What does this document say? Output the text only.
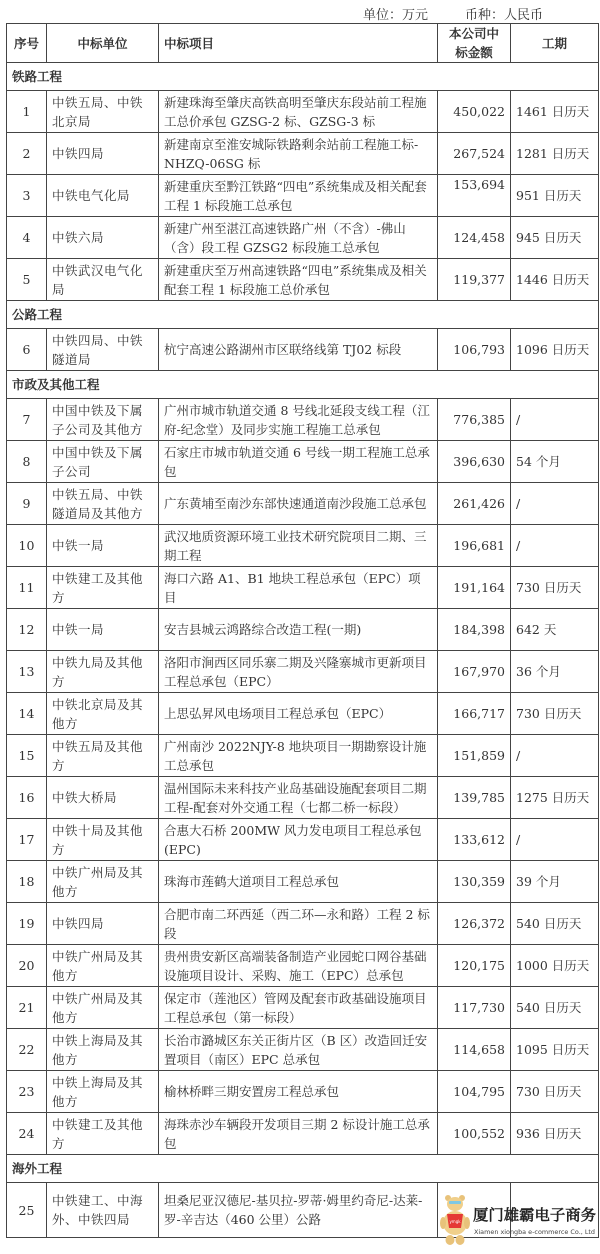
单位：万元	币种：人民币
序号	中标单位	中标项目	本公司中标金额	工期
铁路工程				
1	中铁五局、中铁北京局	新建珠海至肇庆高铁高明至肇庆东段站前工程施工总价承包 GZSG-2 标、GZSG-3 标	450,022	1461 日历天
2	中铁四局	新建南京至淮安城际铁路剩余站前工程施工标-NHZQ-06SG 标	267,524	1281 日历天
3	中铁电气化局	新建重庆至黔江铁路“四电”系统集成及相关配套工程 1 标段施工总承包	153,694	951 日历天
4	中铁六局	新建广州至湛江高速铁路广州（不含）-佛山（含）段工程 GZSG2 标段施工总承包	124,458	945 日历天
5	中铁武汉电气化局	新建重庆至万州高速铁路“四电”系统集成及相关配套工程 1 标段施工总价承包	119,377	1446 日历天
公路工程				
6	中铁四局、中铁隧道局	杭宁高速公路湖州市区联络线第 TJ02 标段	106,793	1096 日历天
市政及其他工程				
7	中国中铁及下属子公司及其他方	广州市城市轨道交通 8 号线北延段支线工程（江府-纪念堂）及同步实施工程施工总承包	776,385	/
8	中国中铁及下属子公司	石家庄市城市轨道交通 6 号线一期工程施工总承包	396,630	54 个月
9	中铁五局、中铁隧道局及其他方	广东黄埔至南沙东部快速通道南沙段施工总承包	261,426	/
10	中铁一局	武汉地质资源环境工业技术研究院项目二期、三期工程	196,681	/
11	中铁建工及其他方	海口六路 A1、B1 地块工程总承包（EPC）项目	191,164	730 日历天
12	中铁一局	安吉县城云鸿路综合改造工程(一期)	184,398	642 天
13	中铁九局及其他方	洛阳市涧西区同乐寨二期及兴隆寨城市更新项目工程总承包（EPC）	167,970	36 个月
14	中铁北京局及其他方	上思弘昇风电场项目工程总承包（EPC）	166,717	730 日历天
15	中铁五局及其他方	广州南沙 2022NJY-8 地块项目一期勘察设计施工总承包	151,859	/
16	中铁大桥局	温州国际未来科技产业岛基础设施配套项目二期工程-配套对外交通工程（七都二桥一标段）	139,785	1275 日历天
17	中铁十局及其他方	合惠大石桥 200MW 风力发电项目工程总承包(EPC)	133,612	/
18	中铁广州局及其他方	珠海市莲鹤大道项目工程总承包	130,359	39 个月
19	中铁四局	合肥市南二环西延（西二环—永和路）工程 2 标段	126,372	540 日历天
20	中铁广州局及其他方	贵州贵安新区高端装备制造产业园蛇口网谷基础设施项目设计、采购、施工（EPC）总承包	120,175	1000 日历天
21	中铁广州局及其他方	保定市（莲池区）管网及配套市政基础设施项目工程总承包（第一标段）	117,730	540 日历天
22	中铁上海局及其他方	长治市潞城区东关正街片区（B 区）改造回迁安置项目（南区）EPC 总承包	114,658	1095 日历天
23	中铁上海局及其他方	榆林桥畔三期安置房工程总承包	104,795	730 日历天
24	中铁建工及其他方	海珠赤沙车辆段开发项目三期 2 标设计施工总承包	100,552	936 日历天
海外工程				
25	中铁建工、中海外、中铁四局	坦桑尼亚汉德尼-基贝拉-罗蒂·姆里约奇尼-达莱-罗-辛吉达（460 公里）公路			ymgk 厦门雄霸电子商务
Xiamen xiongba e-commerce Co., Ltd
